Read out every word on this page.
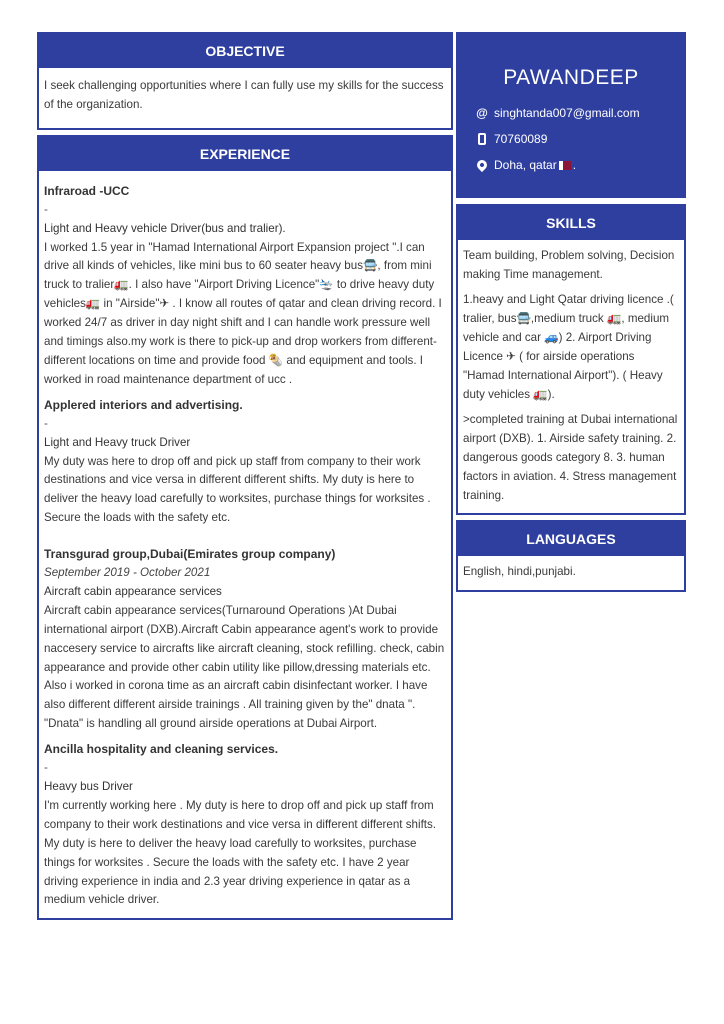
OBJECTIVE
I seek challenging opportunities where I can fully use my skills for the success of the organization.
EXPERIENCE
Infraroad -UCC
-
Light and Heavy vehicle Driver(bus and tralier).
I worked 1.5 year in "Hamad International Airport Expansion project ".I can drive all kinds of vehicles, like mini bus to 60 seater heavy bus🚍, from mini truck to tralier🚛. I also have "Airport Driving Licence"🛬 to drive heavy duty vehicles🚛 in "Airside"✈ . I know all routes of qatar and clean driving record. I worked 24/7 as driver in day night shift and I can handle work pressure well and timings also.my work is there to pick-up and drop workers from different-different locations on time and provide food 🌯 and equipment and tools. I worked in road maintenance department of ucc .
Applered interiors and advertising.
-
Light and Heavy truck Driver
My duty was here to drop off and pick up staff from company to their work destinations and vice versa in different different shifts. My duty is here to deliver the heavy load carefully to worksites, purchase things for worksites . Secure the loads with the safety etc.
Transgurad group,Dubai(Emirates group company)
September 2019 - October 2021
Aircraft cabin appearance services
Aircraft cabin appearance services(Turnaround Operations )At Dubai international airport (DXB).Aircraft Cabin appearance agent's work to provide naccesery service to aircrafts like aircraft cleaning, stock refilling. check, cabin appearance and provide other cabin utility like pillow,dressing materials etc. Also i worked in corona time as an aircraft cabin disinfectant worker. I have also different different airside trainings . All training given by the" dnata ". "Dnata" is handling all ground airside operations at Dubai Airport.
Ancilla hospitality and cleaning services.
-
Heavy bus Driver
I'm currently working here . My duty is here to drop off and pick up staff from company to their work destinations and vice versa in different different shifts. My duty is here to deliver the heavy load carefully to worksites, purchase things for worksites . Secure the loads with the safety etc. I have 2 year driving experience in india and 2.3 year driving experience in qatar as a medium vehicle driver.
PAWANDEEP
@ singhtanda007@gmail.com
70760089
Doha, qatar .
SKILLS
Team building, Problem solving, Decision making Time management.
1.heavy and Light Qatar driving licence .( tralier, bus🚍,medium truck 🚛, medium vehicle and car 🚙) 2. Airport Driving Licence ✈ ( for airside operations "Hamad International Airport"). ( Heavy duty vehicles 🚛).
>completed training at Dubai international airport (DXB). 1. Airside safety training. 2. dangerous goods category 8. 3. human factors in aviation. 4. Stress management training.
LANGUAGES
English, hindi,punjabi.
